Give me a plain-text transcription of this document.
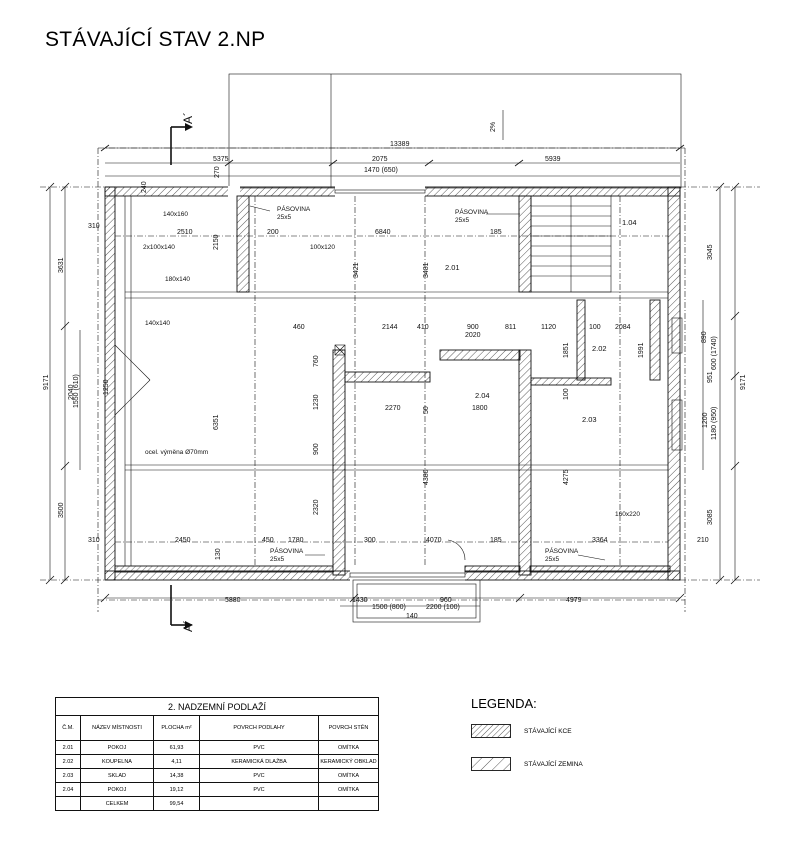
STÁVAJÍCÍ STAV 2.NP
2%
A´
A´
13389
5375	2075
1470 (650)
5939
270
240
9171
3631
2040
1550 (610)
3500
9171
3045
890 600 (1740)
951
1200 1180 (950)
3085
5880	1430	960
1500 (800)	2200 (100)
140
4979
310
2510
2150
200	6840	185
3421	3481
460	2144	410	900	811	1120	100 2084
2020
760
1230
900
2270	50	1800
1851	1991
100
6351
4380	4275
2320
310	2450	450 1780
130
300	4070	185	3364	210
1250
PÁSOVINA
25x5
PÁSOVINA
25x5
PÁSOVINA
25x5
PÁSOVINA
25x5
140x160
2x100x140	100x120
180x140
140x140
160x220
ocel. výměna Ø70mm
2.01
2.02
2.03
2.04
1.04
2. NADZEMNÍ PODLAŽÍ
Č.M.	NÁZEV MÍSTNOSTI	PLOCHA m²	POVRCH PODLAHY	POVRCH STĚN
2.01	POKOJ	61,93	PVC	OMÍTKA
2.02	KOUPELNA	4,11	KERAMICKÁ DLAŽBA	KERAMICKÝ OBKLAD
2.03	SKLAD	14,38	PVC	OMÍTKA
2.04	POKOJ	19,12	PVC	OMÍTKA
	CELKEM	99,54		
LEGENDA:
STÁVAJÍCÍ KCE
STÁVAJÍCÍ ZEMINA
